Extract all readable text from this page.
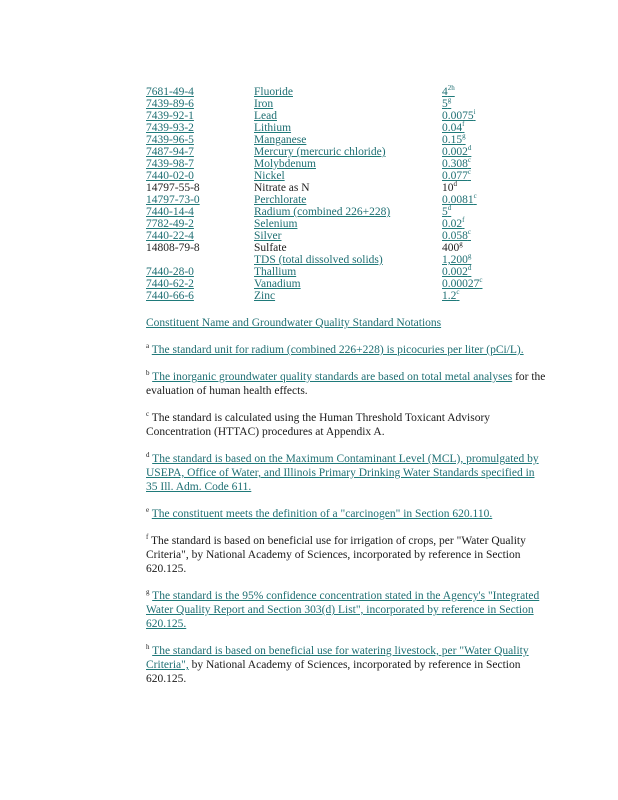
7681-49-4	Fluoride	$4^{2h}$
7439-89-6	Iron	5$^g$
7439-92-1	Lead	0.0075$^i$
7439-93-2	Lithium	0.04$^f$
7439-96-5	Manganese	0.15$^g$
7487-94-7	Mercury (mercuric chloride)	0.002$^d$
7439-98-7	Molybdenum	0.308$^c$
7440-02-0	Nickel	0.077$^c$
14797-55-8	Nitrate as N	10$^d$
14797-73-0	Perchlorate	0.0081$^c$
7440-14-4	Radium (combined 226+228)	5$^d$
7782-49-2	Selenium	0.02$^f$
7440-22-4	Silver	0.058$^c$
14808-79-8	Sulfate	400$^g$
	TDS (total dissolved solids)	1,200$^g$
7440-28-0	Thallium	0.002$^d$
7440-62-2	Vanadium	0.00027$^c$
7440-66-6	Zinc	1.2$^c$

Constituent Name and Groundwater Quality Standard Notations

$^a$ The standard unit for radium (combined 226+228) is picocuries per liter (pCi/L).

$^b$ The inorganic groundwater quality standards are based on total metal analyses for the evaluation of human health effects.

$^c$ The standard is calculated using the Human Threshold Toxicant Advisory Concentration (HTTAC) procedures at Appendix A.

$^d$ The standard is based on the Maximum Contaminant Level (MCL), promulgated by USEPA, Office of Water, and Illinois Primary Drinking Water Standards specified in 35 Ill. Adm. Code 611.

$^e$ The constituent meets the definition of a "carcinogen" in Section 620.110.

$^f$ The standard is based on beneficial use for irrigation of crops, per "Water Quality Criteria", by National Academy of Sciences, incorporated by reference in Section 620.125.

$^g$ The standard is the 95% confidence concentration stated in the Agency's "Integrated Water Quality Report and Section 303(d) List", incorporated by reference in Section 620.125.

$^h$ The standard is based on beneficial use for watering livestock, per "Water Quality Criteria", by National Academy of Sciences, incorporated by reference in Section 620.125.
